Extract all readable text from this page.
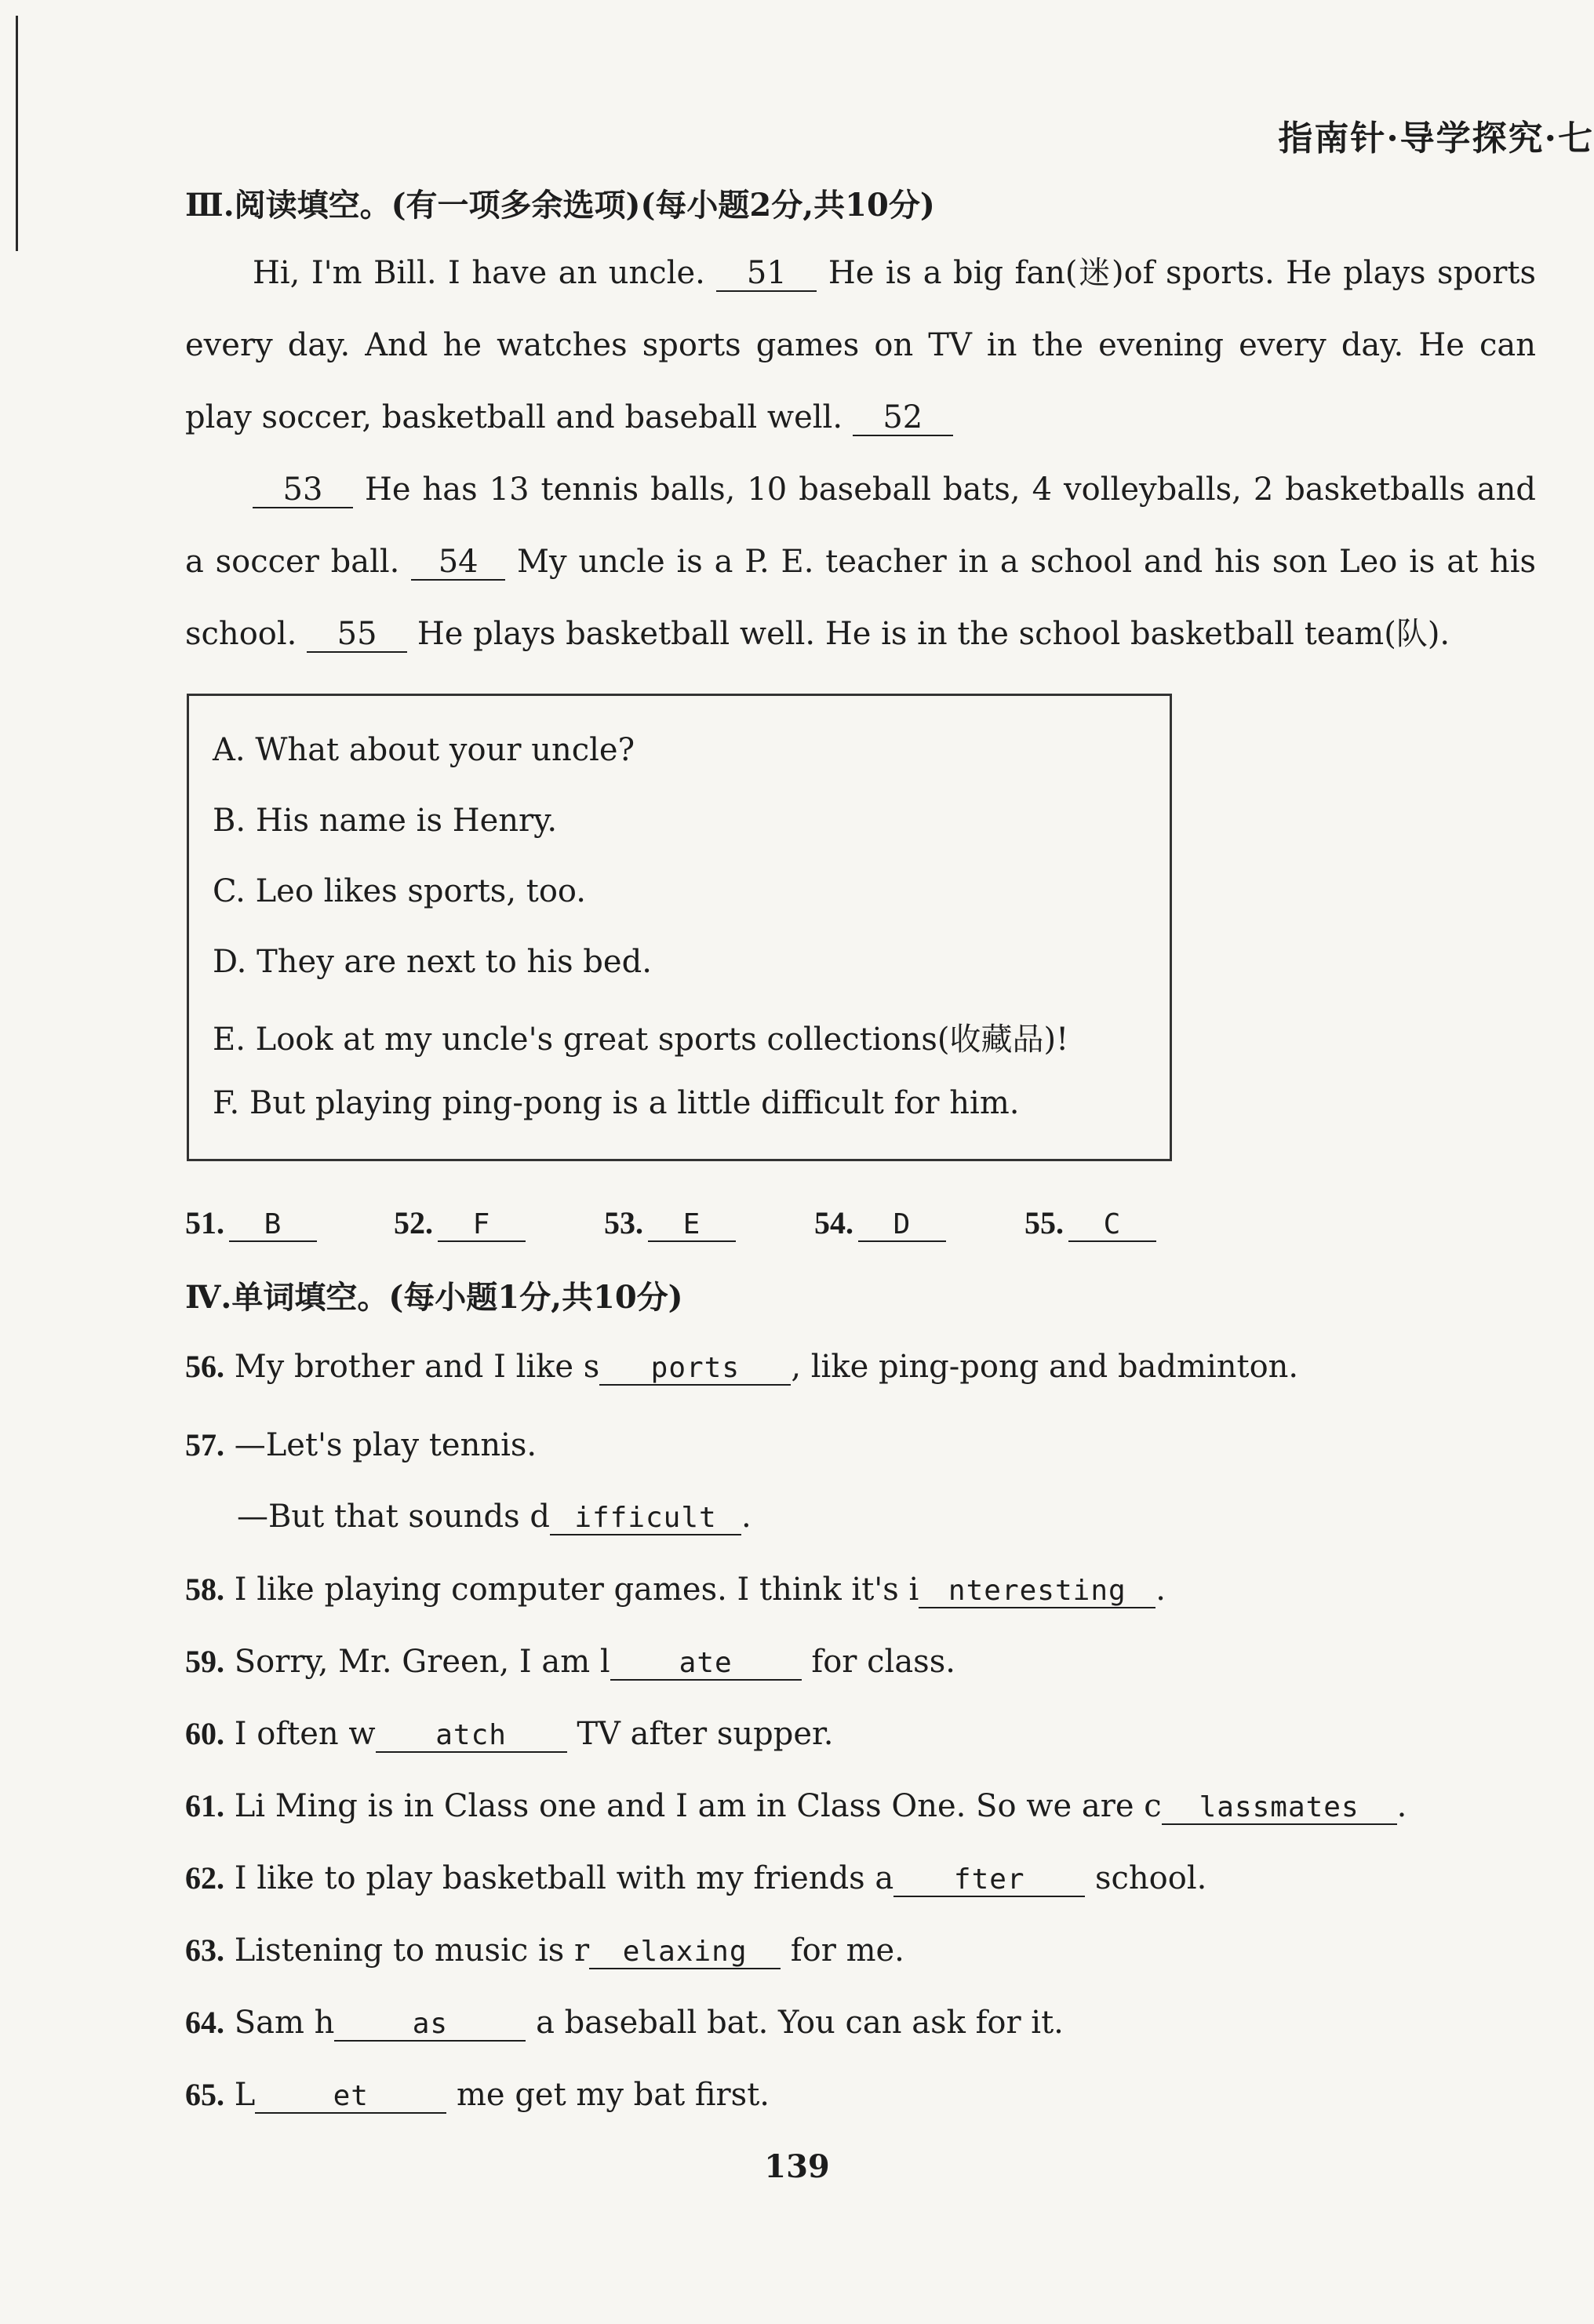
指南针·导学探究·七
Ⅲ.阅读填空。(有一项多余选项)(每小题2分,共10分)
Hi, I'm Bill. I have an uncle. 51 He is a big fan(迷)of sports. He plays sports every day. And he watches sports games on TV in the evening every day. He can play soccer, basketball and baseball well. 52
53 He has 13 tennis balls, 10 baseball bats, 4 volleyballs, 2 basketballs and a soccer ball. 54 My uncle is a P. E. teacher in a school and his son Leo is at his school. 55 He plays basketball well. He is in the school basketball team(队).
A. What about your uncle?
B. His name is Henry.
C. Leo likes sports, too.
D. They are next to his bed.
E. Look at my uncle's great sports collections(收藏品)!
F. But playing ping-pong is a little difficult for him.
51. B	52. F	53. E	54. D	55. C
Ⅳ.单词填空。(每小题1分,共10分)
56. My brother and I like s ports , like ping-pong and badminton.
57. —Let's play tennis.
—But that sounds d ifficult .
58. I like playing computer games. I think it's i nteresting .
59. Sorry, Mr. Green, I am l ate	for class.
60. I often w atch TV after supper.
61. Li Ming is in Class one and I am in Class One. So we are c lassmates .
62. I like to play basketball with my friends a fter school.
63. Listening to music is r elaxing for me.
64. Sam h	as	a baseball bat. You can ask for it.
65. L	et	me get my bat first.
139
